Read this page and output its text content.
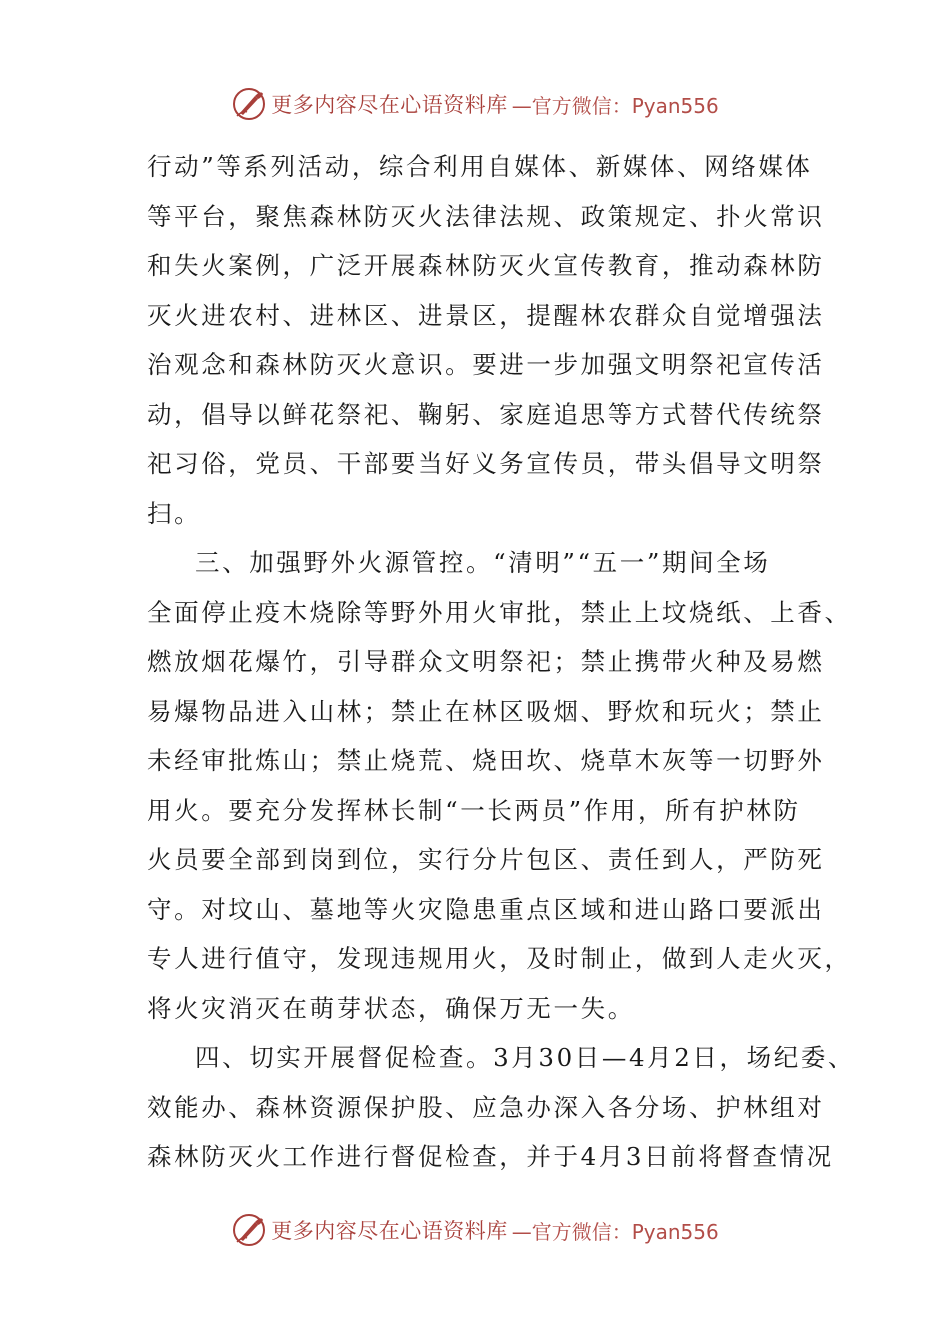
更多内容尽在心语资料库 —官方微信：Pyan556
行动”等系列活动，综合利用自媒体、新媒体、网络媒体
等平台，聚焦森林防灭火法律法规、政策规定、扑火常识
和失火案例，广泛开展森林防灭火宣传教育，推动森林防
灭火进农村、进林区、进景区，提醒林农群众自觉增强法
治观念和森林防灭火意识。要进一步加强文明祭祀宣传活
动，倡导以鲜花祭祀、鞠躬、家庭追思等方式替代传统祭
祀习俗，党员、干部要当好义务宣传员，带头倡导文明祭
扫。
三、加强野外火源管控。“清明”“五一”期间全场
全面停止疫木烧除等野外用火审批，禁止上坟烧纸、上香、
燃放烟花爆竹，引导群众文明祭祀；禁止携带火种及易燃
易爆物品进入山林；禁止在林区吸烟、野炊和玩火；禁止
未经审批炼山；禁止烧荒、烧田坎、烧草木灰等一切野外
用火。要充分发挥林长制“一长两员”作用，所有护林防
火员要全部到岗到位，实行分片包区、责任到人，严防死
守。对坟山、墓地等火灾隐患重点区域和进山路口要派出
专人进行值守，发现违规用火，及时制止，做到人走火灭，
将火灾消灭在萌芽状态，确保万无一失。
四、切实开展督促检查。3月30日—4月2日，场纪委、
效能办、森林资源保护股、应急办深入各分场、护林组对
森林防灭火工作进行督促检查，并于4月3日前将督查情况
更多内容尽在心语资料库 —官方微信：Pyan556
